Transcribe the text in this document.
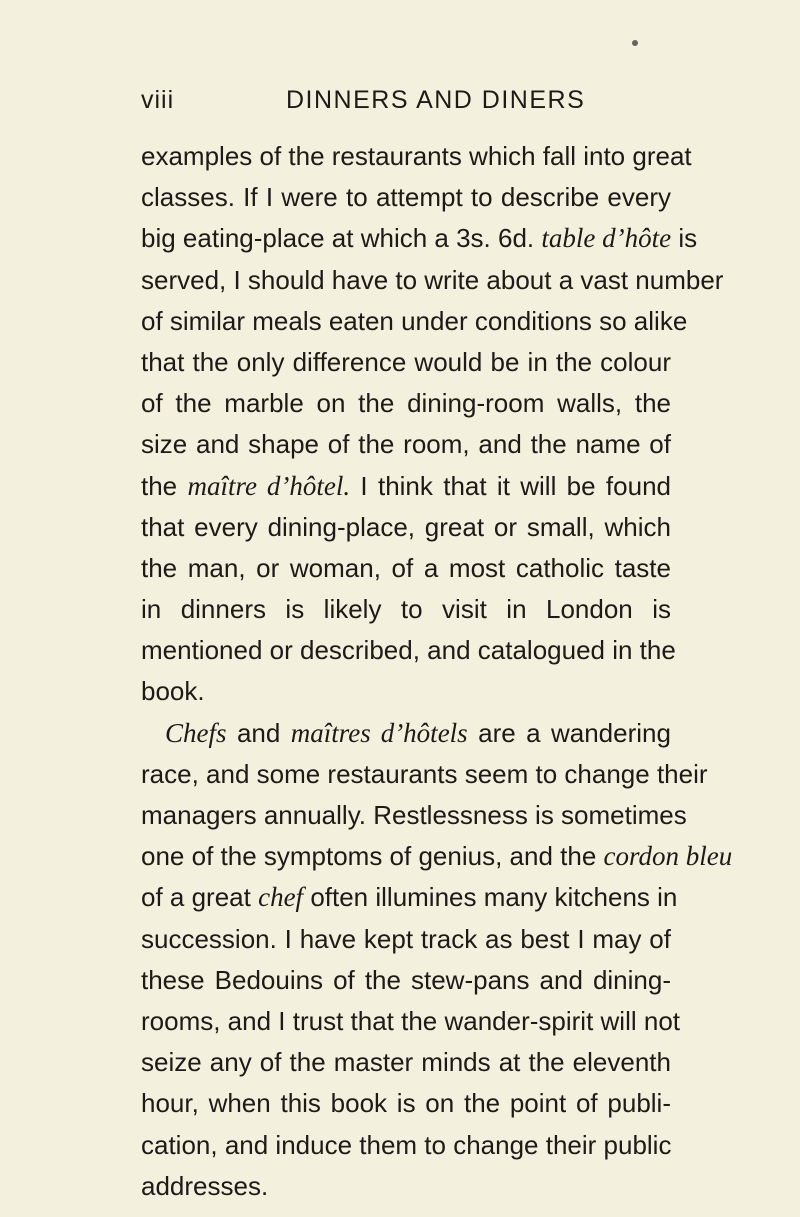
viii	DINNERS AND DINERS
examples of the restaurants which fall into great
classes. If I were to attempt to describe every
big eating-place at which a 3s. 6d. table d’hôte is
served, I should have to write about a vast number
of similar meals eaten under conditions so alike
that the only difference would be in the colour
of the marble on the dining-room walls, the
size and shape of the room, and the name of
the maître d’hôtel. I think that it will be found
that every dining-place, great or small, which
the man, or woman, of a most catholic taste
in dinners is likely to visit in London is
mentioned or described, and catalogued in the
book.
Chefs and maîtres d’hôtels are a wandering
race, and some restaurants seem to change their
managers annually. Restlessness is sometimes
one of the symptoms of genius, and the cordon bleu
of a great chef often illumines many kitchens in
succession. I have kept track as best I may of
these Bedouins of the stew-pans and dining-
rooms, and I trust that the wander-spirit will not
seize any of the master minds at the eleventh
hour, when this book is on the point of publi-
cation, and induce them to change their public
addresses.
